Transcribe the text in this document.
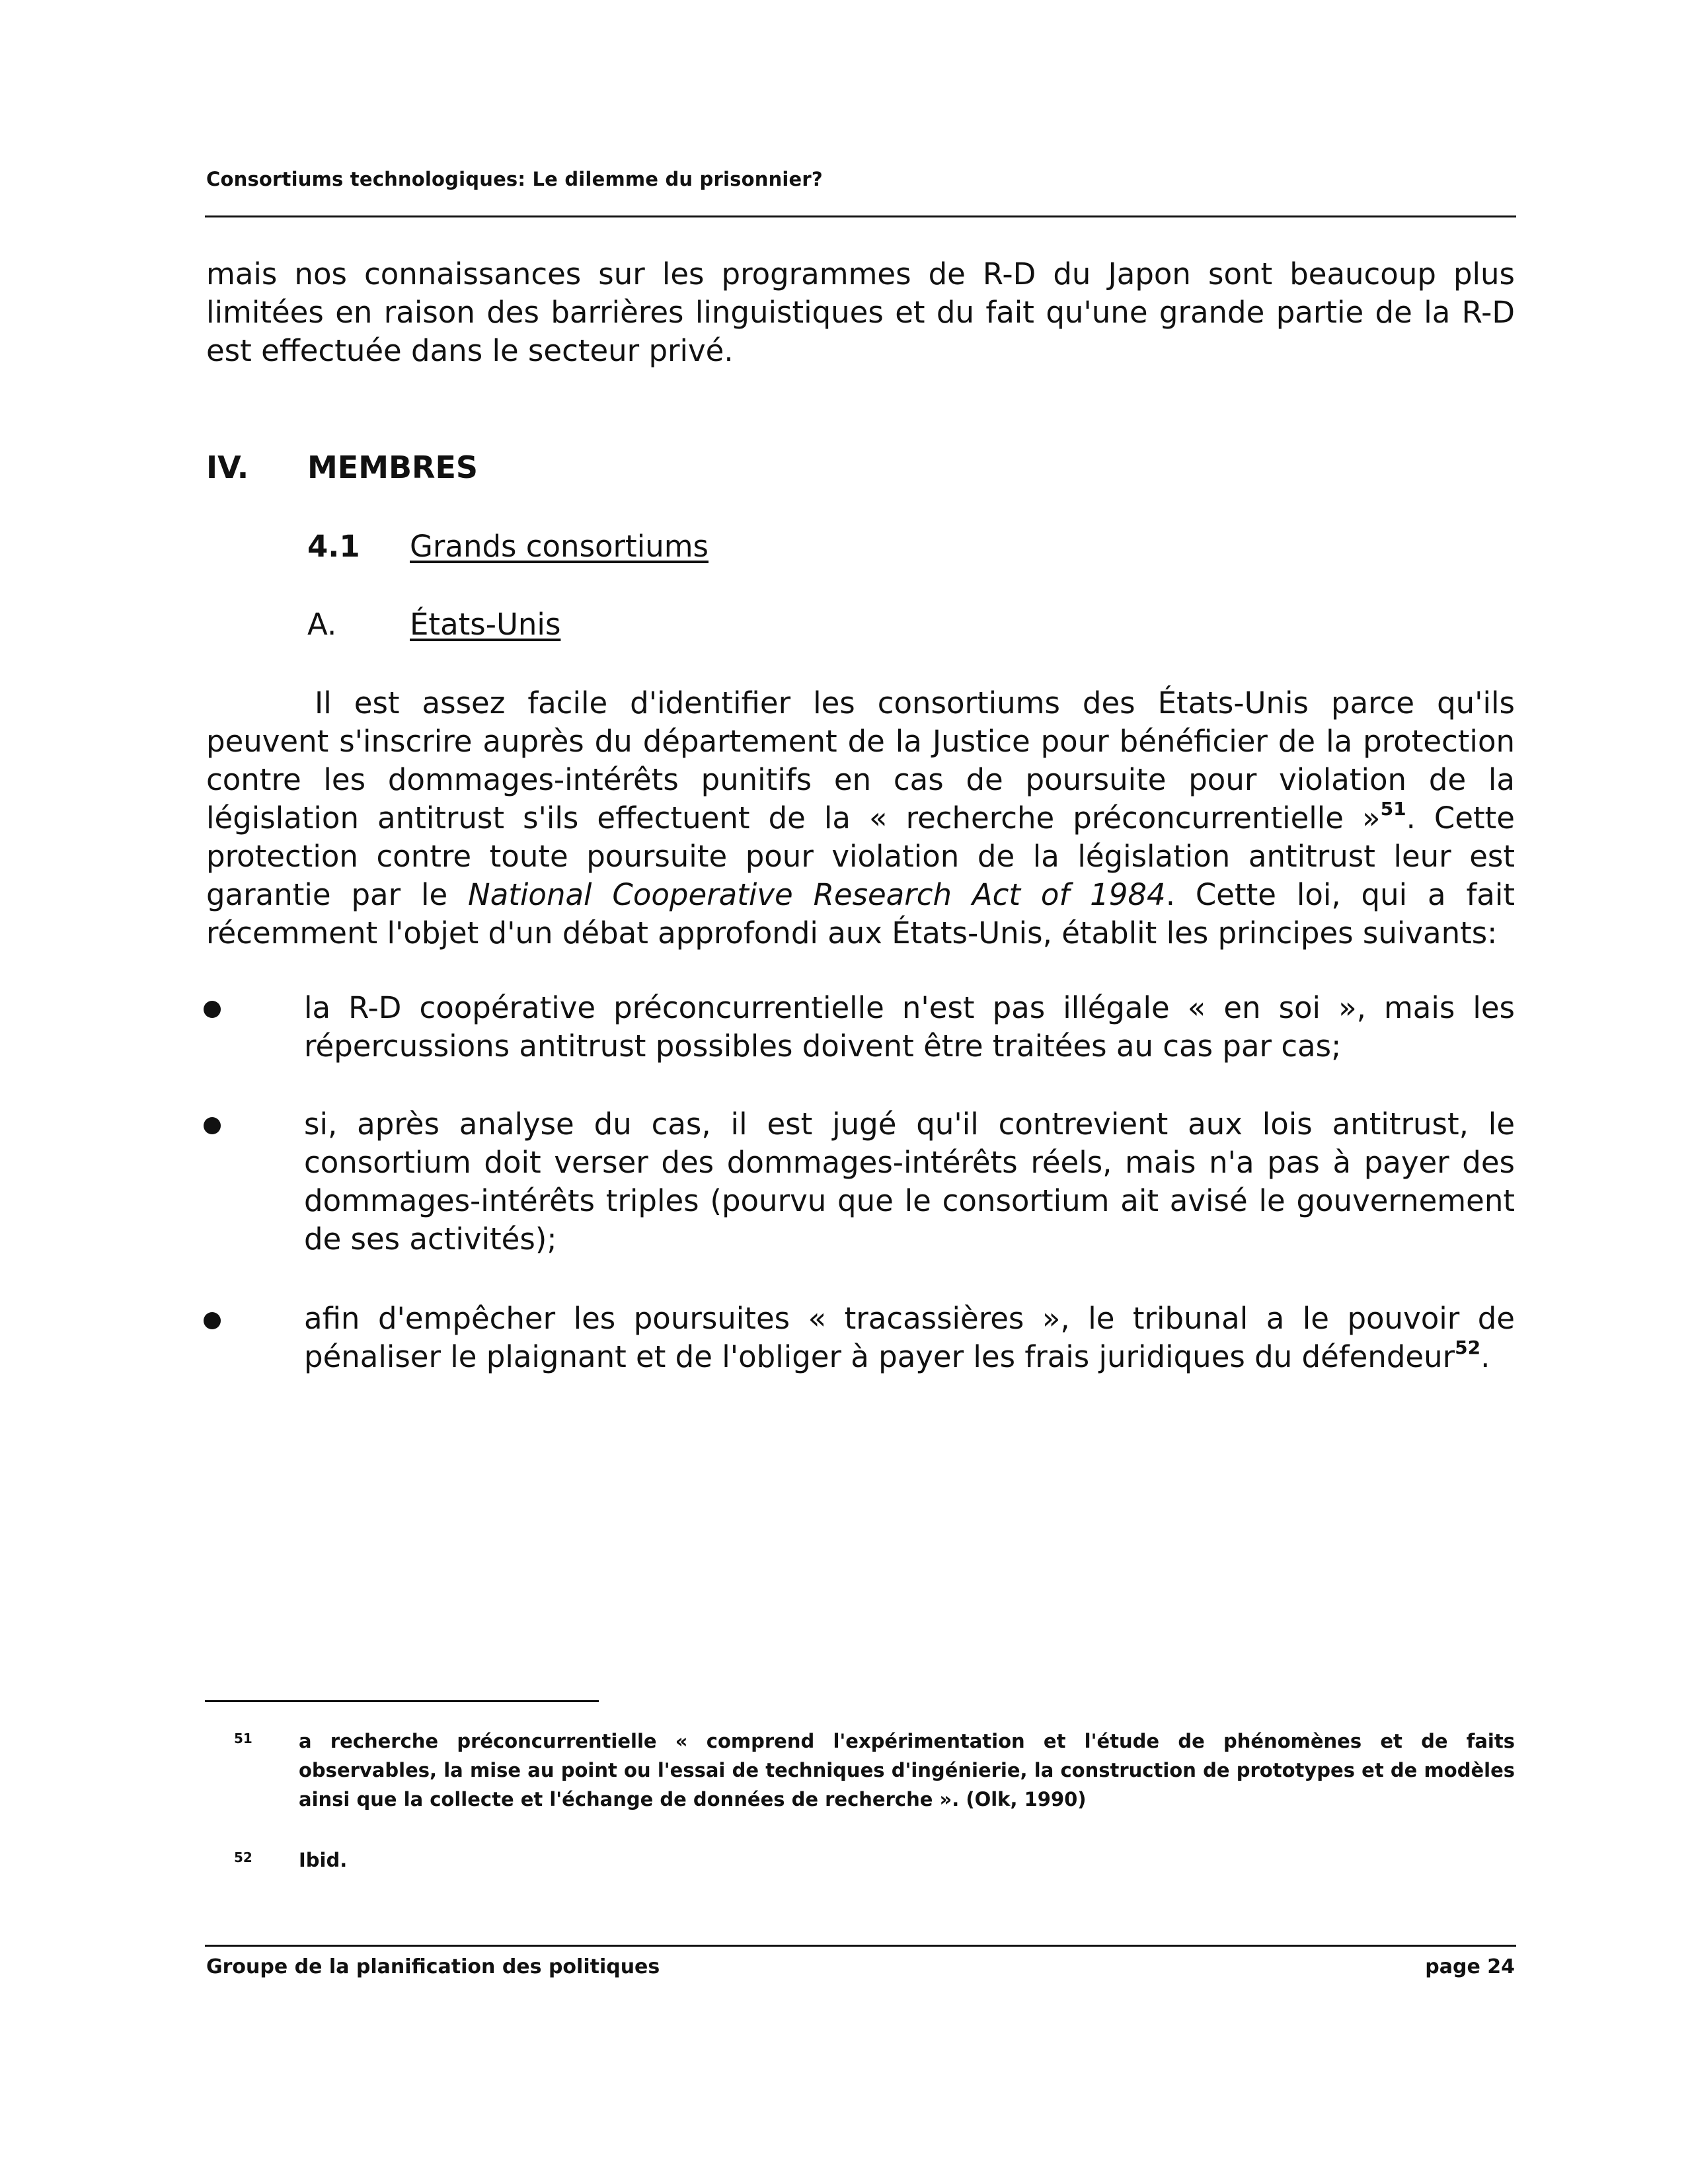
Consortiums technologiques: Le dilemme du prisonnier?

mais nos connaissances sur les programmes de R-D du Japon sont beaucoup plus limitées en raison des barrières linguistiques et du fait qu'une grande partie de la R-D est effectuée dans le secteur privé.

IV. MEMBRES
4.1 Grands consortiums
A. États-Unis

Il est assez facile d'identifier les consortiums des États-Unis parce qu'ils peuvent s'inscrire auprès du département de la Justice pour bénéficier de la protection contre les dommages-intérêts punitifs en cas de poursuite pour violation de la législation antitrust s'ils effectuent de la « recherche préconcurrentielle »$^{51}$. Cette protection contre toute poursuite pour violation de la législation antitrust leur est garantie par le National Cooperative Research Act of 1984. Cette loi, qui a fait récemment l'objet d'un débat approfondi aux États-Unis, établit les principes suivants:

la R-D coopérative préconcurrentielle n'est pas illégale « en soi », mais les répercussions antitrust possibles doivent être traitées au cas par cas;

si, après analyse du cas, il est jugé qu'il contrevient aux lois antitrust, le consortium doit verser des dommages-intérêts réels, mais n'a pas à payer des dommages-intérêts triples (pourvu que le consortium ait avisé le gouvernement de ses activités);

afin d'empêcher les poursuites « tracassières », le tribunal a le pouvoir de pénaliser le plaignant et de l'obliger à payer les frais juridiques du défendeur$^{52}$.

51 a recherche préconcurrentielle « comprend l'expérimentation et l'étude de phénomènes et de faits observables, la mise au point ou l'essai de techniques d'ingénierie, la construction de prototypes et de modèles ainsi que la collecte et l'échange de données de recherche ». (Olk, 1990)
52 Ibid.
Groupe de la planification des politiques	page 24
